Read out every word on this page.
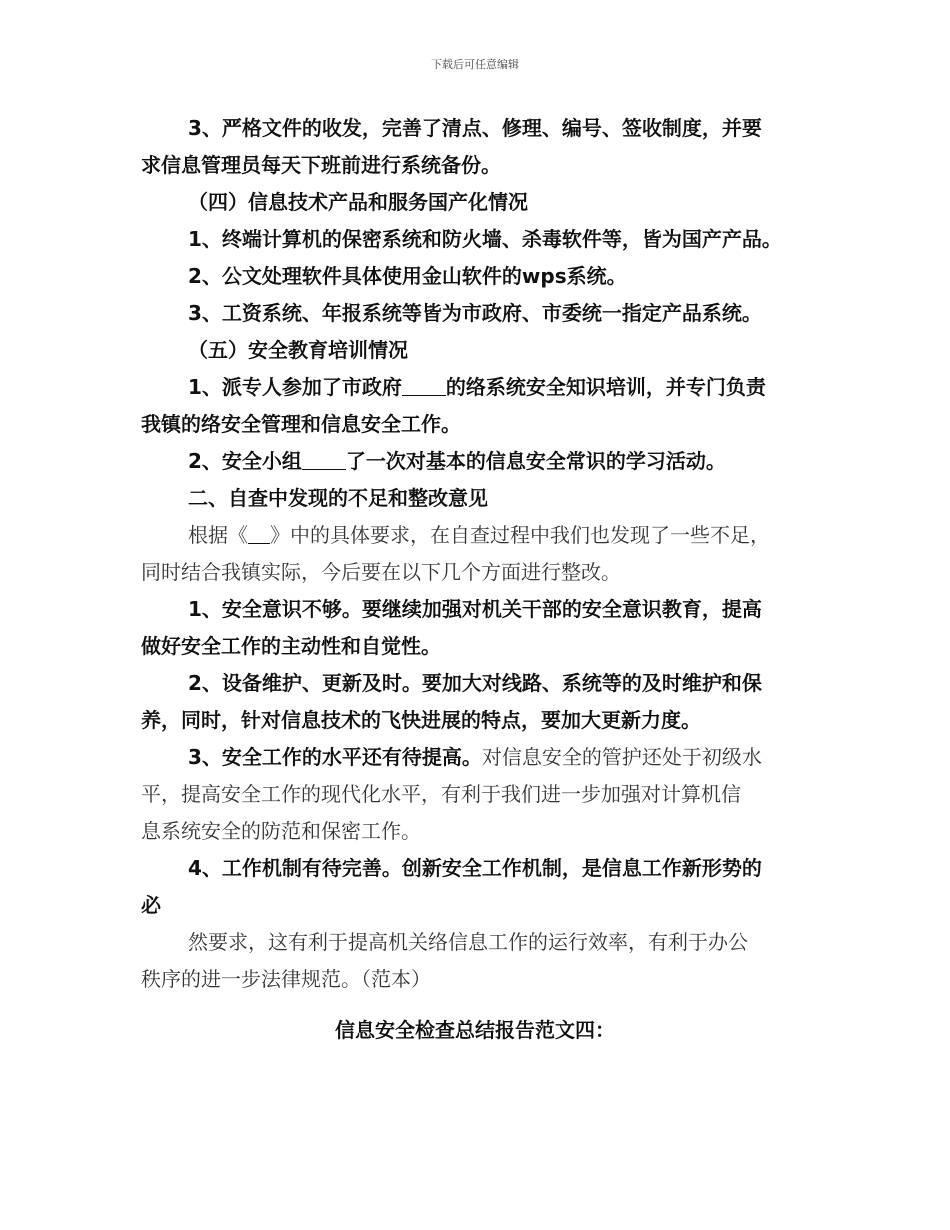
下载后可任意编辑
3、严格文件的收发，完善了清点、修理、编号、签收制度，并要
求信息管理员每天下班前进行系统备份。
（四）信息技术产品和服务国产化情况
1、终端计算机的保密系统和防火墙、杀毒软件等，皆为国产产品。
2、公文处理软件具体使用金山软件的wps系统。
3、工资系统、年报系统等皆为市政府、市委统一指定产品系统。
（五）安全教育培训情况
1、派专人参加了市政府 的络系统安全知识培训，并专门负责
我镇的络安全管理和信息安全工作。
2、安全小组 了一次对基本的信息安全常识的学习活动。
二、自查中发现的不足和整改意见
根据《 》中的具体要求，在自查过程中我们也发现了一些不足，
同时结合我镇实际，今后要在以下几个方面进行整改。
1、安全意识不够。要继续加强对机关干部的安全意识教育，提高
做好安全工作的主动性和自觉性。
2、设备维护、更新及时。要加大对线路、系统等的及时维护和保
养，同时，针对信息技术的飞快进展的特点，要加大更新力度。
3、安全工作的水平还有待提高。对信息安全的管护还处于初级水
平，提高安全工作的现代化水平，有利于我们进一步加强对计算机信
息系统安全的防范和保密工作。
4、工作机制有待完善。创新安全工作机制，是信息工作新形势的
必
然要求，这有利于提高机关络信息工作的运行效率，有利于办公
秩序的进一步法律规范。（范本）
信息安全检查总结报告范文四：
